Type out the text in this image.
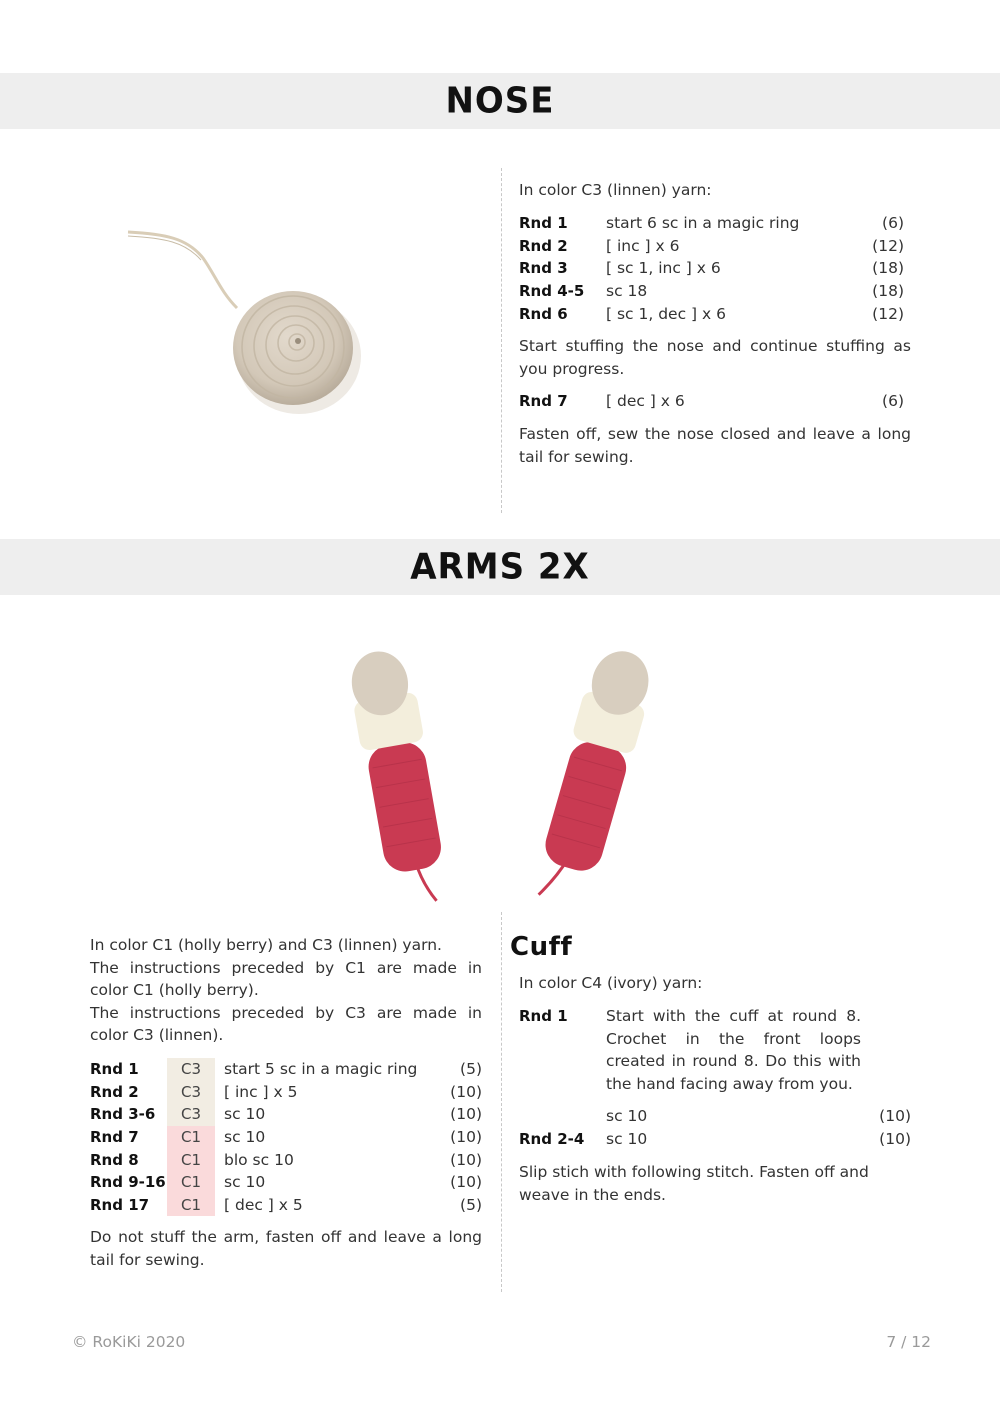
NOSE

In color C3 (linnen) yarn:

Rnd 1	start 6 sc in a magic ring	(6)
Rnd 2	[ inc ] x 6	(12)
Rnd 3	[ sc 1, inc ] x 6	(18)
Rnd 4-5	sc 18	(18)
Rnd 6	[ sc 1, dec ] x 6	(12)

Start stuffing the nose and continue stuffing as you progress.

Rnd 7	[ dec ] x 6	(6)

Fasten off, sew the nose closed and leave a long tail for sewing.

ARMS 2X

In color C1 (holly berry) and C3 (linnen) yarn.

The instructions preceded by C1 are made in color C1 (holly berry).

The instructions preceded by C3 are made in color C3 (linnen).

Rnd 1	C3	start 5 sc in a magic ring	(5)
Rnd 2	C3	[ inc ] x 5	(10)
Rnd 3-6	C3	sc 10	(10)
Rnd 7	C1	sc 10	(10)
Rnd 8	C1	blo sc 10	(10)
Rnd 9-16	C1	sc 10	(10)
Rnd 17	C1	[ dec ] x 5	(5)

Do not stuff the arm, fasten off and leave a long tail for sewing.

Cuff

In color C4 (ivory) yarn:

Rnd 1	Start with the cuff at round 8. Crochet in the front loops created in round 8. Do this with the hand facing away from you.
sc 10	(10)
Rnd 2-4	sc 10	(10)

Slip stich with following stitch. Fasten off and weave in the ends.

© RoKiKi 2020	7 / 12
